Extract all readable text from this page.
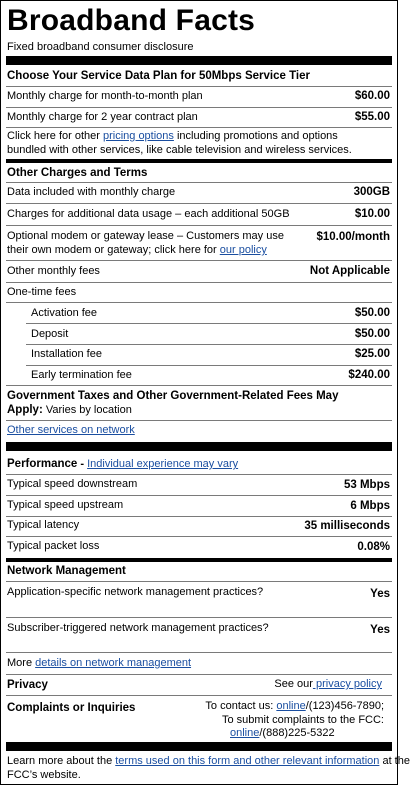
Broadband Facts
Fixed broadband consumer disclosure
Choose Your Service Data Plan for 50Mbps Service Tier
Monthly charge for month-to-month plan	$60.00
Monthly charge for 2 year contract plan	$55.00
Click here for other pricing options including promotions and options
bundled with other services, like cable television and wireless services.
Other Charges and Terms
Data included with monthly charge	300GB
Charges for additional data usage – each additional 50GB	$10.00
Optional modem or gateway lease – Customers may use	$10.00/month
their own modem or gateway; click here for our policy
Other monthly fees	Not Applicable
One-time fees
Activation fee	$50.00
Deposit	$50.00
Installation fee	$25.00
Early termination fee	$240.00
Government Taxes and Other Government-Related Fees May
Apply: Varies by location
Other services on network
Performance - Individual experience may vary
Typical speed downstream	53 Mbps
Typical speed upstream	6 Mbps
Typical latency	35 milliseconds
Typical packet loss	0.08%
Network Management
Application-specific network management practices?	Yes
Subscriber-triggered network management practices?	Yes
More details on network management
Privacy	See our privacy policy
Complaints or Inquiries	To contact us: online/(123)456-7890;
To submit complaints to the FCC:
online/(888)225-5322
Learn more about the terms used on this form and other relevant information at the
FCC’s website.
